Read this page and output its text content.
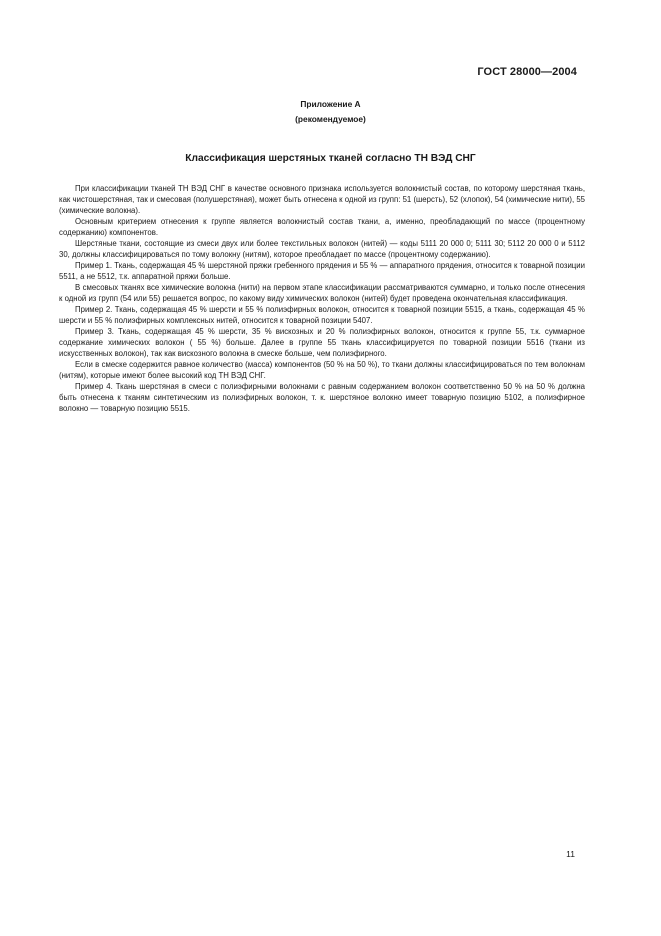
ГОСТ 28000—2004
Приложение А
(рекомендуемое)
Классификация шерстяных тканей согласно ТН ВЭД СНГ

При классификации тканей ТН ВЭД СНГ в качестве основного признака используется волокнистый состав, по которому шерстяная ткань, как чистошерстяная, так и смесовая (полушерстяная), может быть отнесена к одной из групп: 51 (шерсть), 52 (хлопок), 54 (химические нити), 55 (химические волокна).

Основным критерием отнесения к группе является волокнистый состав ткани, а, именно, преобладающий по массе (процентному содержанию) компонентов.

Шерстяные ткани, состоящие из смеси двух или более текстильных волокон (нитей) — коды 5111 20 000 0; 5111 30; 5112 20 000 0 и 5112 30, должны классифицироваться по тому волокну (нитям), которое преобладает по массе (процентному содержанию).

Пример 1. Ткань, содержащая 45 % шерстяной пряжи гребенного прядения и 55 % — аппаратного прядения, относится к товарной позиции 5511, а не 5512, т.к. аппаратной пряжи больше.

В смесовых тканях все химические волокна (нити) на первом этапе классификации рассматриваются суммарно, и только после отнесения к одной из групп (54 или 55) решается вопрос, по какому виду химических волокон (нитей) будет проведена окончательная классификация.

Пример 2. Ткань, содержащая 45 % шерсти и 55 % полиэфирных волокон, относится к товарной позиции 5515, а ткань, содержащая 45 % шерсти и 55 % полиэфирных комплексных нитей, относится к товарной позиции 5407.

Пример 3. Ткань, содержащая 45 % шерсти, 35 % вискозных и 20 % полиэфирных волокон, относится к группе 55, т.к. суммарное содержание химических волокон ( 55 %) больше. Далее в группе 55 ткань классифицируется по товарной позиции 5516 (ткани из искусственных волокон), так как вискозного волокна в смеске больше, чем полиэфирного.

Если в смеске содержится равное количество (масса) компонентов (50 % на 50 %), то ткани должны классифицироваться по тем волокнам (нитям), которые имеют более высокий код ТН ВЭД СНГ.

Пример 4. Ткань шерстяная в смеси с полиэфирными волокнами с равным содержанием волокон соответственно 50 % на 50 % должна быть отнесена к тканям синтетическим из полиэфирных волокон, т. к. шерстяное волокно имеет товарную позицию 5102, а полиэфирное волокно — товарную позицию 5515.

11
